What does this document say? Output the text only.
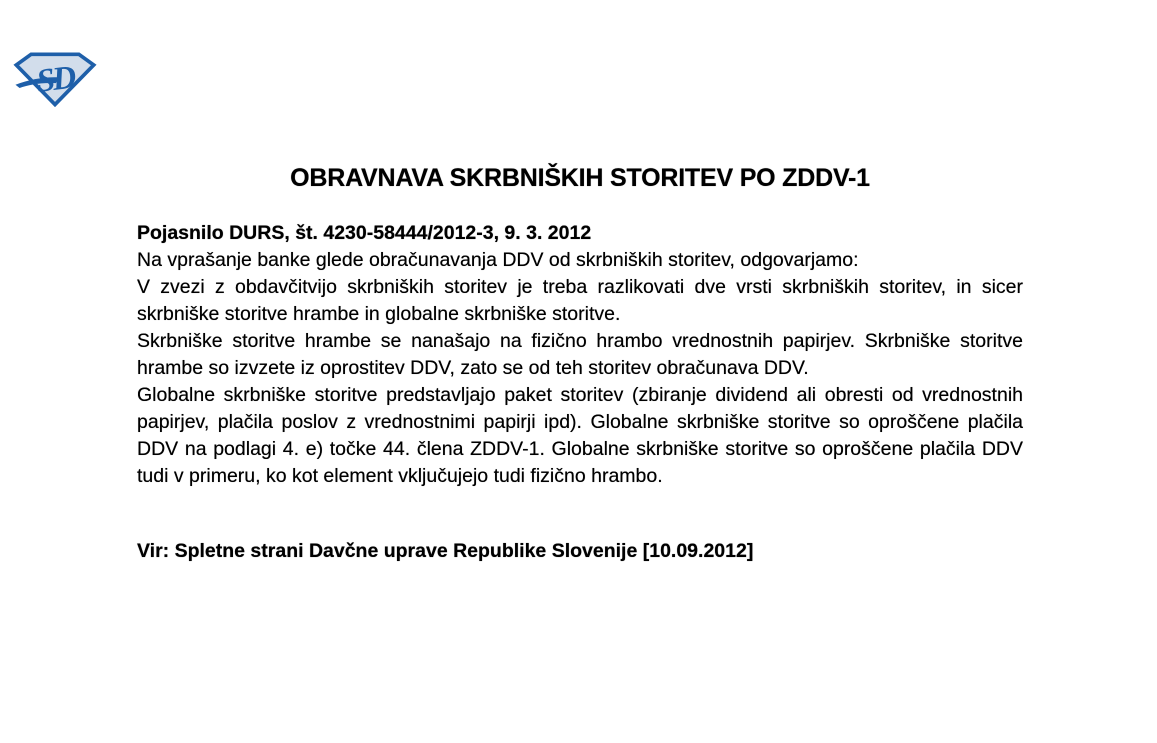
SD
OBRAVNAVA SKRBNIŠKIH STORITEV PO ZDDV-1

Pojasnilo DURS, št. 4230-58444/2012-3, 9. 3. 2012

Na vprašanje banke glede obračunavanja DDV od skrbniških storitev, odgovarjamo:

V zvezi z obdavčitvijo skrbniških storitev je treba razlikovati dve vrsti skrbniških storitev, in sicer skrbniške storitve hrambe in globalne skrbniške storitve.

Skrbniške storitve hrambe se nanašajo na fizično hrambo vrednostnih papirjev. Skrbniške storitve hrambe so izvzete iz oprostitev DDV, zato se od teh storitev obračunava DDV.

Globalne skrbniške storitve predstavljajo paket storitev (zbiranje dividend ali obresti od vrednostnih papirjev, plačila poslov z vrednostnimi papirji ipd). Globalne skrbniške storitve so oproščene plačila DDV na podlagi 4. e) točke 44. člena ZDDV-1. Globalne skrbniške storitve so oproščene plačila DDV tudi v primeru, ko kot element vključujejo tudi fizično hrambo.

Vir: Spletne strani Davčne uprave Republike Slovenije [10.09.2012]
